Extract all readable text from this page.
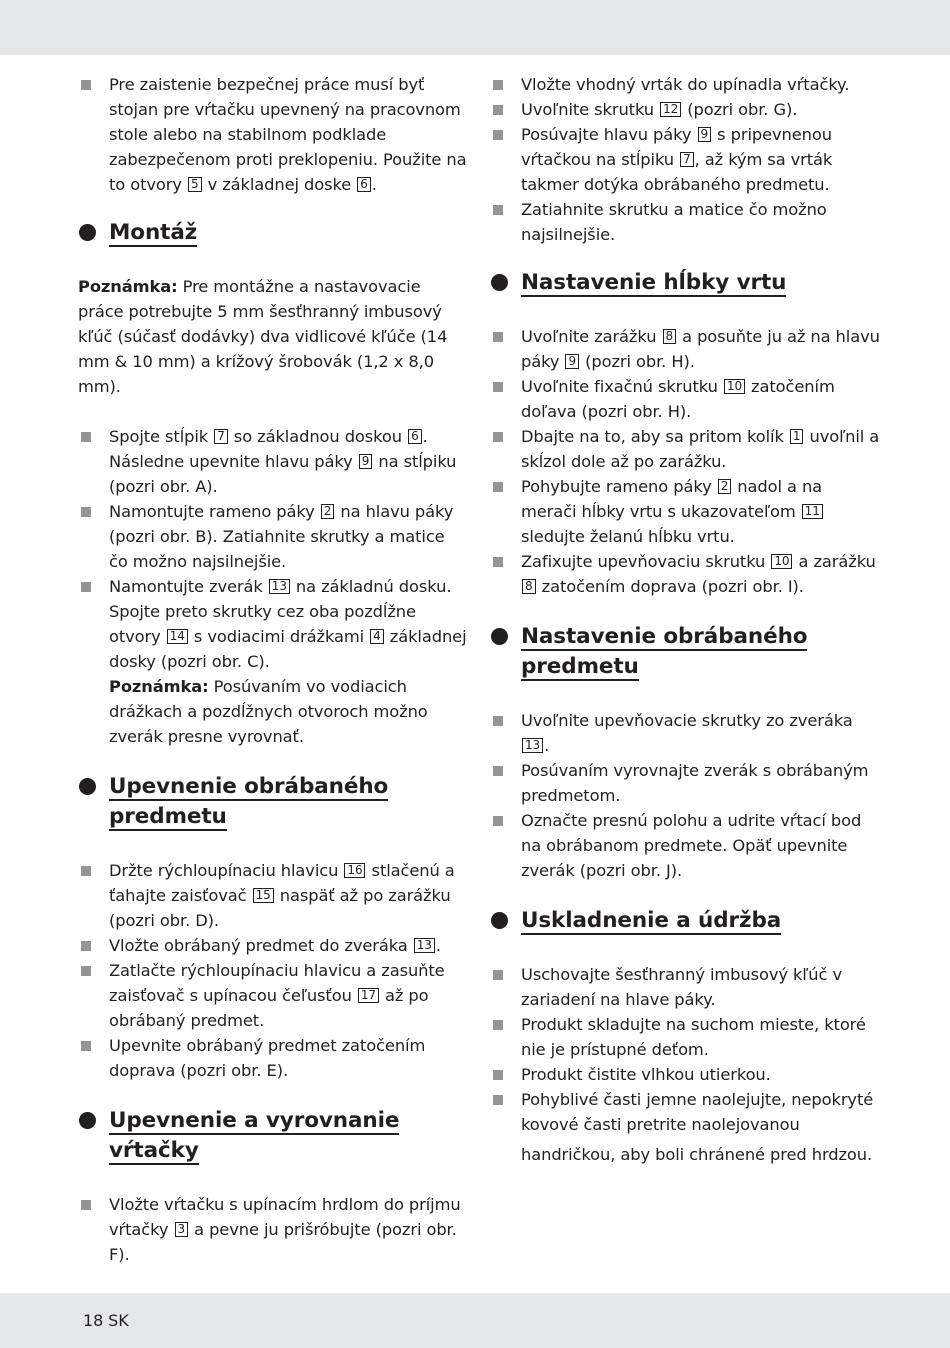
Pre zaistenie bezpečnej práce musí byť stojan pre vŕtačku upevnený na pracovnom stole alebo na stabilnom podklade zabezpečenom proti preklopeniu. Použite na to otvory 5 v základnej doske 6 .
Montáž

Poznámka: Pre montážne a nastavovacie práce potrebujte 5 mm šesťhranný imbusový kľúč (súčasť dodávky) dva vidlicové kľúče (14 mm & 10 mm) a krížový šrobovák (1,2 x 8,0 mm).

Spojte stĺpik 7 so základnou doskou 6 . Následne upevnite hlavu páky 9 na stĺpiku (pozri obr. A).
Namontujte rameno páky 2 na hlavu páky (pozri obr. B). Zatiahnite skrutky a matice čo možno najsilnejšie.
Namontujte zverák 13 na základnú dosku. Spojte preto skrutky cez oba pozdĺžne otvory 14 s vodiacimi drážkami 4 základnej dosky (pozri obr. C).
Poznámka: Posúvaním vo vodiacich drážkach a pozdĺžnych otvoroch možno zverák presne vyrovnať.
Upevnenie obrábaného predmetu
Držte rýchloupínaciu hlavicu 16 stlačenú a ťahajte zaisťovač 15 naspäť až po zarážku (pozri obr. D).
Vložte obrábaný predmet do zveráka 13 .
Zatlačte rýchloupínaciu hlavicu a zasuňte zaisťovač s upínacou čeľusťou 17 až po obrábaný predmet.
Upevnite obrábaný predmet zatočením doprava (pozri obr. E).
Upevnenie a vyrovnanie vŕtačky
Vložte vŕtačku s upínacím hrdlom do príjmu vŕtačky 3 a pevne ju prišróbujte (pozri obr. F).
Vložte vhodný vrták do upínadla vŕtačky.
Uvoľnite skrutku 12 (pozri obr. G).
Posúvajte hlavu páky 9 s pripevnenou vŕtačkou na stĺpiku 7 , až kým sa vrták takmer dotýka obrábaného predmetu.
Zatiahnite skrutku a matice čo možno najsilnejšie.
Nastavenie hĺbky vrtu
Uvoľnite zarážku 8 a posuňte ju až na hlavu páky 9 (pozri obr. H).
Uvoľnite fixačnú skrutku 10 zatočením doľava (pozri obr. H).
Dbajte na to, aby sa pritom kolík 1 uvoľnil a skĺzol dole až po zarážku.
Pohybujte rameno páky 2 nadol a na merači hĺbky vrtu s ukazovateľom 11 sledujte želanú hĺbku vrtu.
Zafixujte upevňovaciu skrutku 10 a zarážku 8 zatočením doprava (pozri obr. I).
Nastavenie obrábaného predmetu
Uvoľnite upevňovacie skrutky zo zveráka 13 .
Posúvaním vyrovnajte zverák s obrábaným predmetom.
Označte presnú polohu a udrite vŕtací bod na obrábanom predmete. Opäť upevnite zverák (pozri obr. J).
Uskladnenie a údržba
Uschovajte šesťhranný imbusový kľúč v zariadení na hlave páky.
Produkt skladujte na suchom mieste, ktoré nie je prístupné deťom.
Produkt čistite vlhkou utierkou.
Pohyblivé časti jemne naolejujte, nepokryté kovové časti pretrite naolejovanou
handričkou, aby boli chránené pred hrdzou.
18 SK
